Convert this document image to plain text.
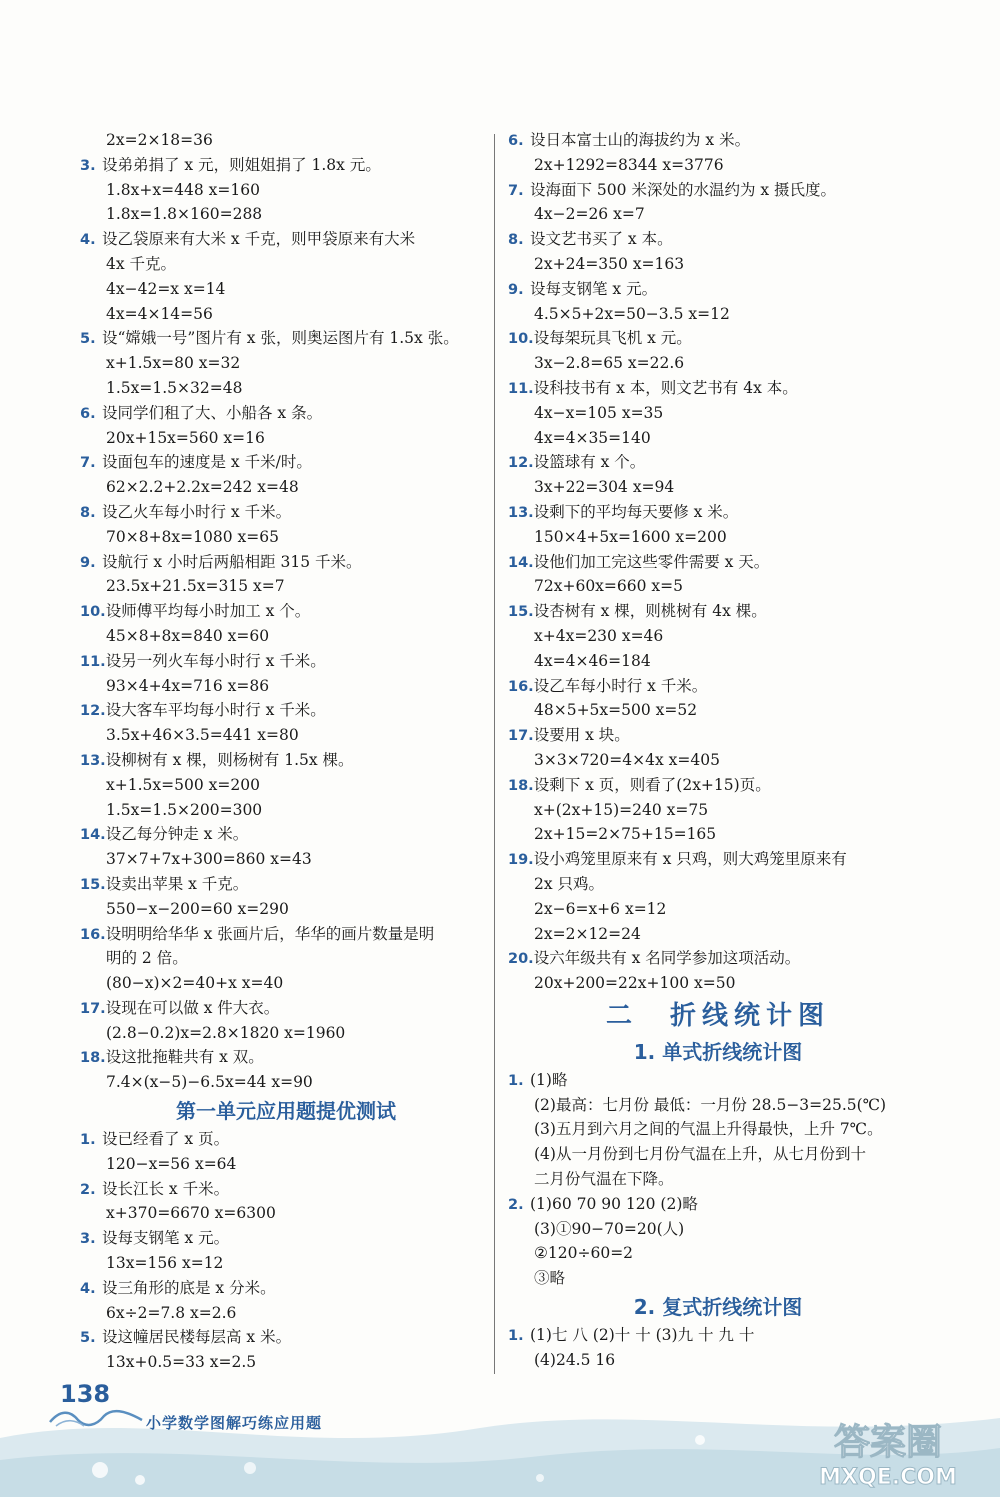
2x=2×18=36
3. 设弟弟捐了 x 元，则姐姐捐了 1.8x 元。
1.8x+x=448 x=160
1.8x=1.8×160=288
4. 设乙袋原来有大米 x 千克，则甲袋原来有大米
4x 千克。
4x−42=x x=14
4x=4×14=56
5. 设“嫦娥一号”图片有 x 张，则奥运图片有 1.5x 张。
x+1.5x=80 x=32
1.5x=1.5×32=48
6. 设同学们租了大、小船各 x 条。
20x+15x=560 x=16
7. 设面包车的速度是 x 千米/时。
62×2.2+2.2x=242 x=48
8. 设乙火车每小时行 x 千米。
70×8+8x=1080 x=65
9. 设航行 x 小时后两船相距 315 千米。
23.5x+21.5x=315 x=7
10.设师傅平均每小时加工 x 个。
45×8+8x=840 x=60
11.设另一列火车每小时行 x 千米。
93×4+4x=716 x=86
12.设大客车平均每小时行 x 千米。
3.5x+46×3.5=441 x=80
13.设柳树有 x 棵，则杨树有 1.5x 棵。
x+1.5x=500 x=200
1.5x=1.5×200=300
14.设乙每分钟走 x 米。
37×7+7x+300=860 x=43
15.设卖出苹果 x 千克。
550−x−200=60 x=290
16.设明明给华华 x 张画片后，华华的画片数量是明
明的 2 倍。
(80−x)×2=40+x x=40
17.设现在可以做 x 件大衣。
(2.8−0.2)x=2.8×1820 x=1960
18.设这批拖鞋共有 x 双。
7.4×(x−5)−6.5x=44 x=90
第一单元应用题提优测试
1. 设已经看了 x 页。
120−x=56 x=64
2. 设长江长 x 千米。
x+370=6670 x=6300
3. 设每支钢笔 x 元。
13x=156 x=12
4. 设三角形的底是 x 分米。
6x÷2=7.8 x=2.6
5. 设这幢居民楼每层高 x 米。
13x+0.5=33 x=2.5
6. 设日本富士山的海拔约为 x 米。
2x+1292=8344 x=3776
7. 设海面下 500 米深处的水温约为 x 摄氏度。
4x−2=26 x=7
8. 设文艺书买了 x 本。
2x+24=350 x=163
9. 设每支钢笔 x 元。
4.5×5+2x=50−3.5 x=12
10.设每架玩具飞机 x 元。
3x−2.8=65 x=22.6
11.设科技书有 x 本，则文艺书有 4x 本。
4x−x=105 x=35
4x=4×35=140
12.设篮球有 x 个。
3x+22=304 x=94
13.设剩下的平均每天要修 x 米。
150×4+5x=1600 x=200
14.设他们加工完这些零件需要 x 天。
72x+60x=660 x=5
15.设杏树有 x 棵，则桃树有 4x 棵。
x+4x=230 x=46
4x=4×46=184
16.设乙车每小时行 x 千米。
48×5+5x=500 x=52
17.设要用 x 块。
3×3×720=4×4x x=405
18.设剩下 x 页，则看了(2x+15)页。
x+(2x+15)=240 x=75
2x+15=2×75+15=165
19.设小鸡笼里原来有 x 只鸡，则大鸡笼里原来有
2x 只鸡。
2x−6=x+6 x=12
2x=2×12=24
20.设六年级共有 x 名同学参加这项活动。
20x+200=22x+100 x=50
二　折线统计图
1. 单式折线统计图
1. (1)略
(2)最高：七月份 最低：一月份 28.5−3=25.5(℃)
(3)五月到六月之间的气温上升得最快，上升 7℃。
(4)从一月份到七月份气温在上升，从七月份到十
二月份气温在下降。
2. (1)60 70 90 120 (2)略
(3)①90−70=20(人)
②120÷60=2
③略
2. 复式折线统计图
1. (1)七 八 (2)十 十 (3)九 十 九 十
(4)24.5 16
138
小学数学图解巧练应用题	答案圈
MXQE.COM
